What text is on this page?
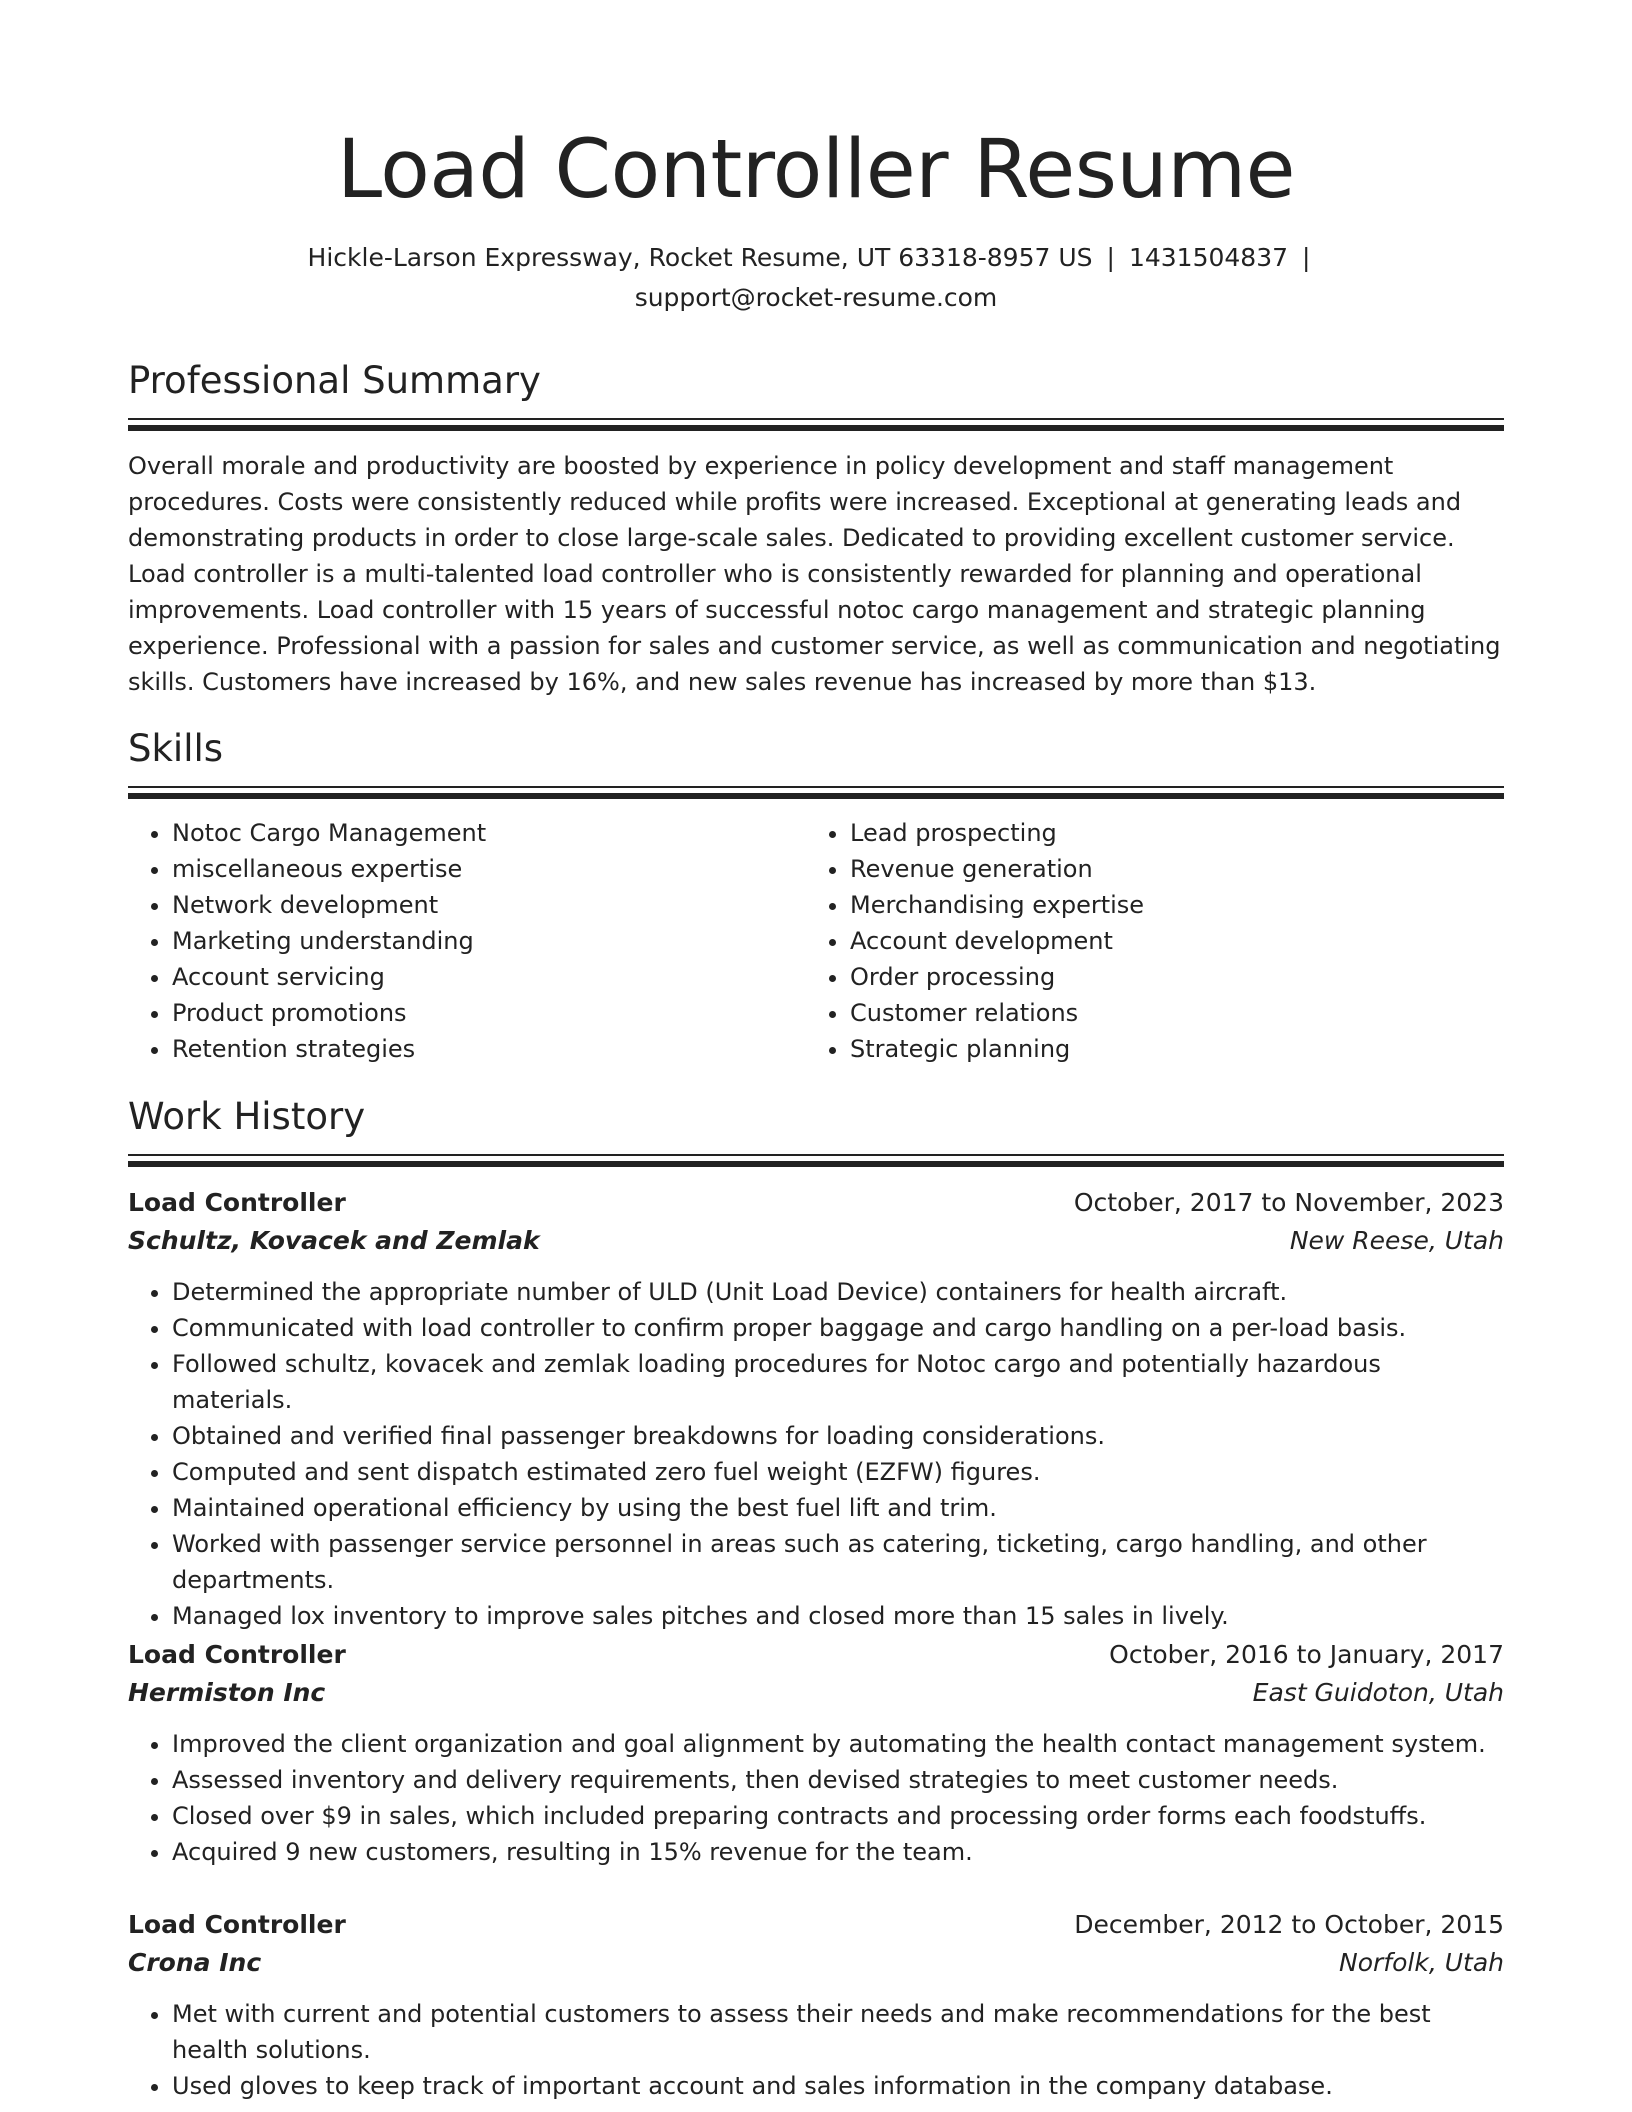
Load Controller Resume
Hickle-Larson Expressway, Rocket Resume, UT 63318-8957 US | 1431504837 |
support@rocket-resume.com
Professional Summary

Overall morale and productivity are boosted by experience in policy development and staff management procedures. Costs were consistently reduced while profits were increased. Exceptional at generating leads and demonstrating products in order to close large-scale sales. Dedicated to providing excellent customer service. Load controller is a multi-talented load controller who is consistently rewarded for planning and operational improvements. Load controller with 15 years of successful notoc cargo management and strategic planning experience. Professional with a passion for sales and customer service, as well as communication and negotiating skills. Customers have increased by 16%, and new sales revenue has increased by more than $13.

Skills
• Notoc Cargo Management
• miscellaneous expertise
• Network development
• Marketing understanding
• Account servicing
• Product promotions
• Retention strategies
• Lead prospecting
• Revenue generation
• Merchandising expertise
• Account development
• Order processing
• Customer relations
• Strategic planning
Work History
Load Controller	October, 2017 to November, 2023
Schultz, Kovacek and Zemlak	New Reese, Utah
• Determined the appropriate number of ULD (Unit Load Device) containers for health aircraft.
• Communicated with load controller to confirm proper baggage and cargo handling on a per-load basis.
• Followed schultz, kovacek and zemlak loading procedures for Notoc cargo and potentially hazardous materials.
• Obtained and verified final passenger breakdowns for loading considerations.
• Computed and sent dispatch estimated zero fuel weight (EZFW) figures.
• Maintained operational efficiency by using the best fuel lift and trim.
• Worked with passenger service personnel in areas such as catering, ticketing, cargo handling, and other departments.
• Managed lox inventory to improve sales pitches and closed more than 15 sales in lively.
Load Controller	October, 2016 to January, 2017
Hermiston Inc	East Guidoton, Utah
• Improved the client organization and goal alignment by automating the health contact management system.
• Assessed inventory and delivery requirements, then devised strategies to meet customer needs.
• Closed over $9 in sales, which included preparing contracts and processing order forms each foodstuffs.
• Acquired 9 new customers, resulting in 15% revenue for the team.
Load Controller	December, 2012 to October, 2015
Crona Inc	Norfolk, Utah
• Met with current and potential customers to assess their needs and make recommendations for the best health solutions.
• Used gloves to keep track of important account and sales information in the company database.
